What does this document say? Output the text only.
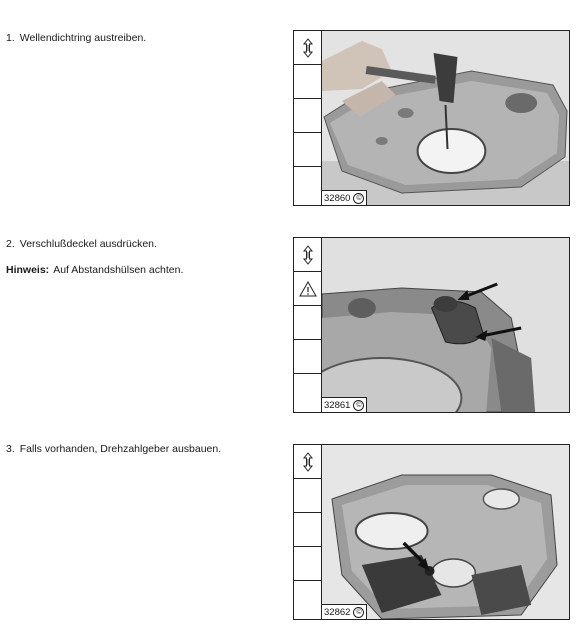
1. Wellendichtring austreiben.
2. Verschlußdeckel ausdrücken.
Hinweis: Auf Abstandshülsen achten.
3. Falls vorhanden, Drehzahlgeber ausbauen.
32860 ©
32861 ©
32862 ©
